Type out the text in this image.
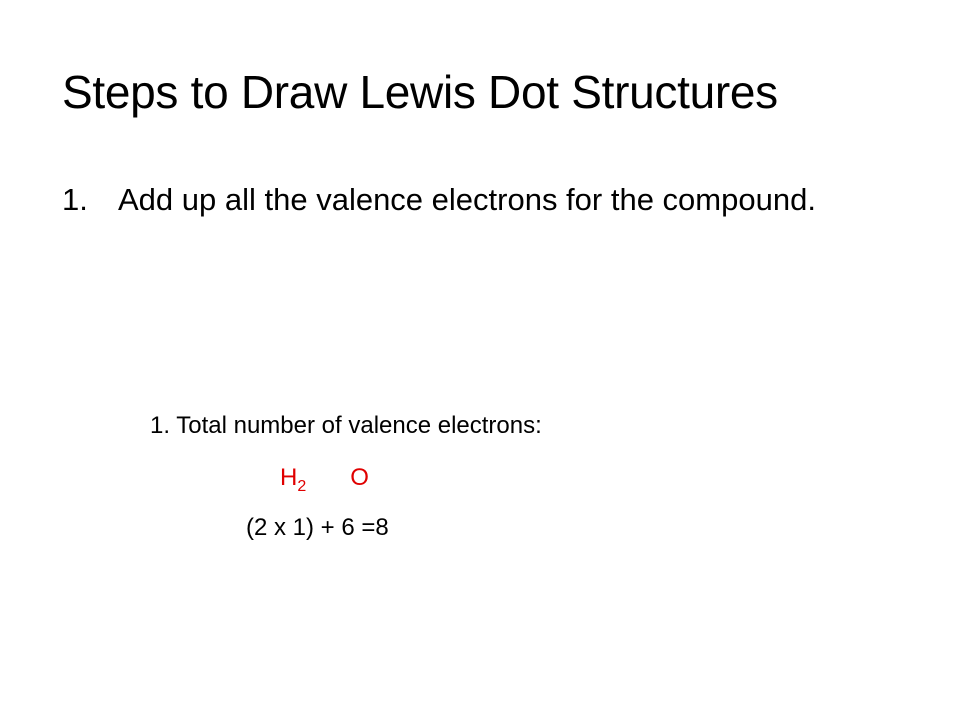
Steps to Draw Lewis Dot Structures
1. Add up all the valence electrons for the compound.
1. Total number of valence electrons:
$H_2$ O
(2 x 1) + 6 =8
